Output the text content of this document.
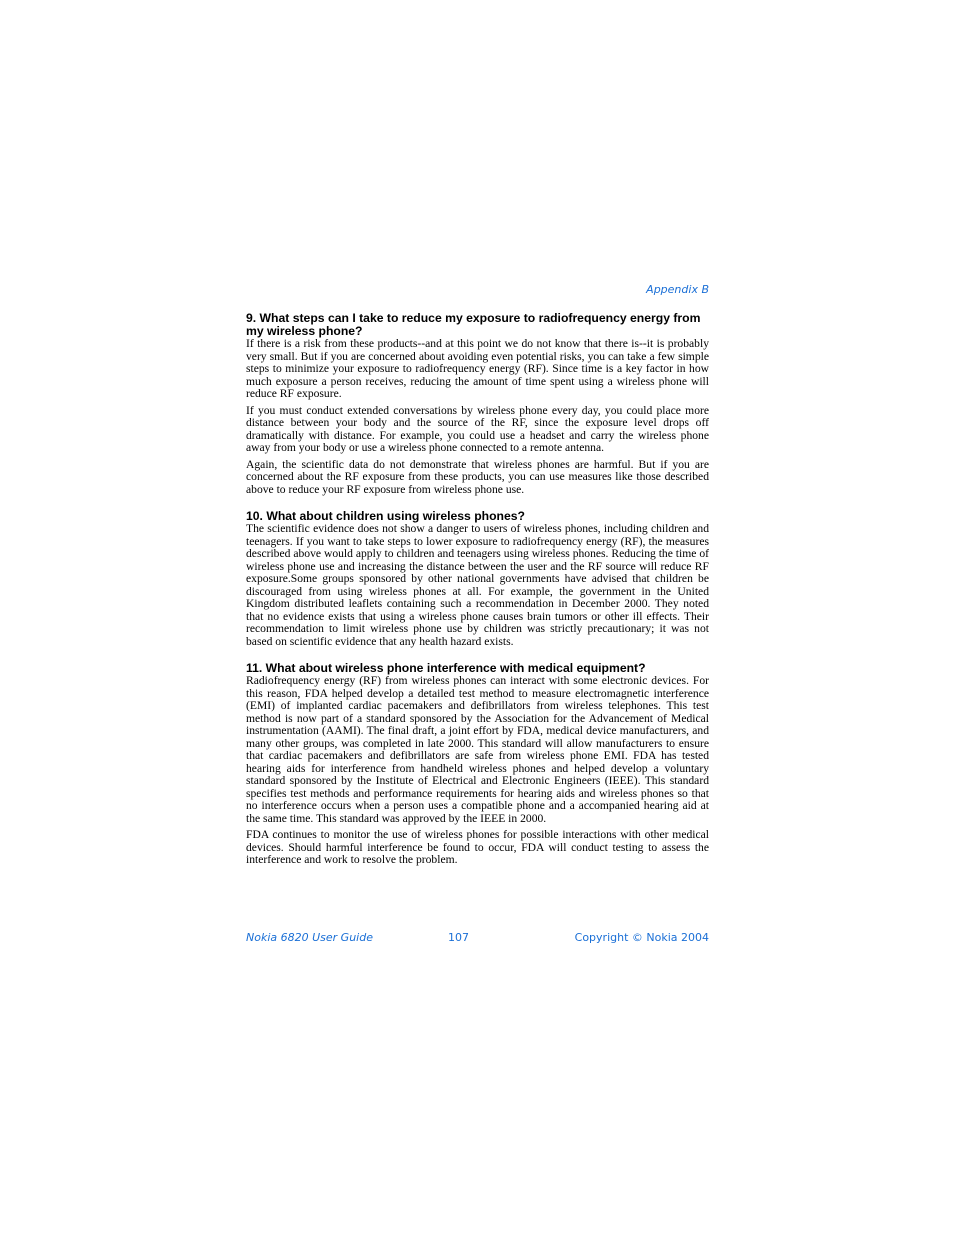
Appendix B
9. What steps can I take to reduce my exposure to radiofrequency energy from my wireless phone?

If there is a risk from these products--and at this point we do not know that there is--it is probably very small. But if you are concerned about avoiding even potential risks, you can take a few simple steps to minimize your exposure to radiofrequency energy (RF). Since time is a key factor in how much exposure a person receives, reducing the amount of time spent using a wireless phone will reduce RF exposure.

If you must conduct extended conversations by wireless phone every day, you could place more distance between your body and the source of the RF, since the exposure level drops off dramatically with distance. For example, you could use a headset and carry the wireless phone away from your body or use a wireless phone connected to a remote antenna.

Again, the scientific data do not demonstrate that wireless phones are harmful. But if you are concerned about the RF exposure from these products, you can use measures like those described above to reduce your RF exposure from wireless phone use.

10. What about children using wireless phones?

The scientific evidence does not show a danger to users of wireless phones, including children and teenagers. If you want to take steps to lower exposure to radiofrequency energy (RF), the measures described above would apply to children and teenagers using wireless phones. Reducing the time of wireless phone use and increasing the distance between the user and the RF source will reduce RF exposure.Some groups sponsored by other national governments have advised that children be discouraged from using wireless phones at all. For example, the government in the United Kingdom distributed leaflets containing such a recommendation in December 2000. They noted that no evidence exists that using a wireless phone causes brain tumors or other ill effects. Their recommendation to limit wireless phone use by children was strictly precautionary; it was not based on scientific evidence that any health hazard exists.

11. What about wireless phone interference with medical equipment?

Radiofrequency energy (RF) from wireless phones can interact with some electronic devices. For this reason, FDA helped develop a detailed test method to measure electromagnetic interference (EMI) of implanted cardiac pacemakers and defibrillators from wireless telephones. This test method is now part of a standard sponsored by the Association for the Advancement of Medical instrumentation (AAMI). The final draft, a joint effort by FDA, medical device manufacturers, and many other groups, was completed in late 2000. This standard will allow manufacturers to ensure that cardiac pacemakers and defibrillators are safe from wireless phone EMI. FDA has tested hearing aids for interference from handheld wireless phones and helped develop a voluntary standard sponsored by the Institute of Electrical and Electronic Engineers (IEEE). This standard specifies test methods and performance requirements for hearing aids and wireless phones so that no interference occurs when a person uses a compatible phone and a accompanied hearing aid at the same time. This standard was approved by the IEEE in 2000.

FDA continues to monitor the use of wireless phones for possible interactions with other medical devices. Should harmful interference be found to occur, FDA will conduct testing to assess the interference and work to resolve the problem.

Nokia 6820 User Guide	107	Copyright © Nokia 2004
